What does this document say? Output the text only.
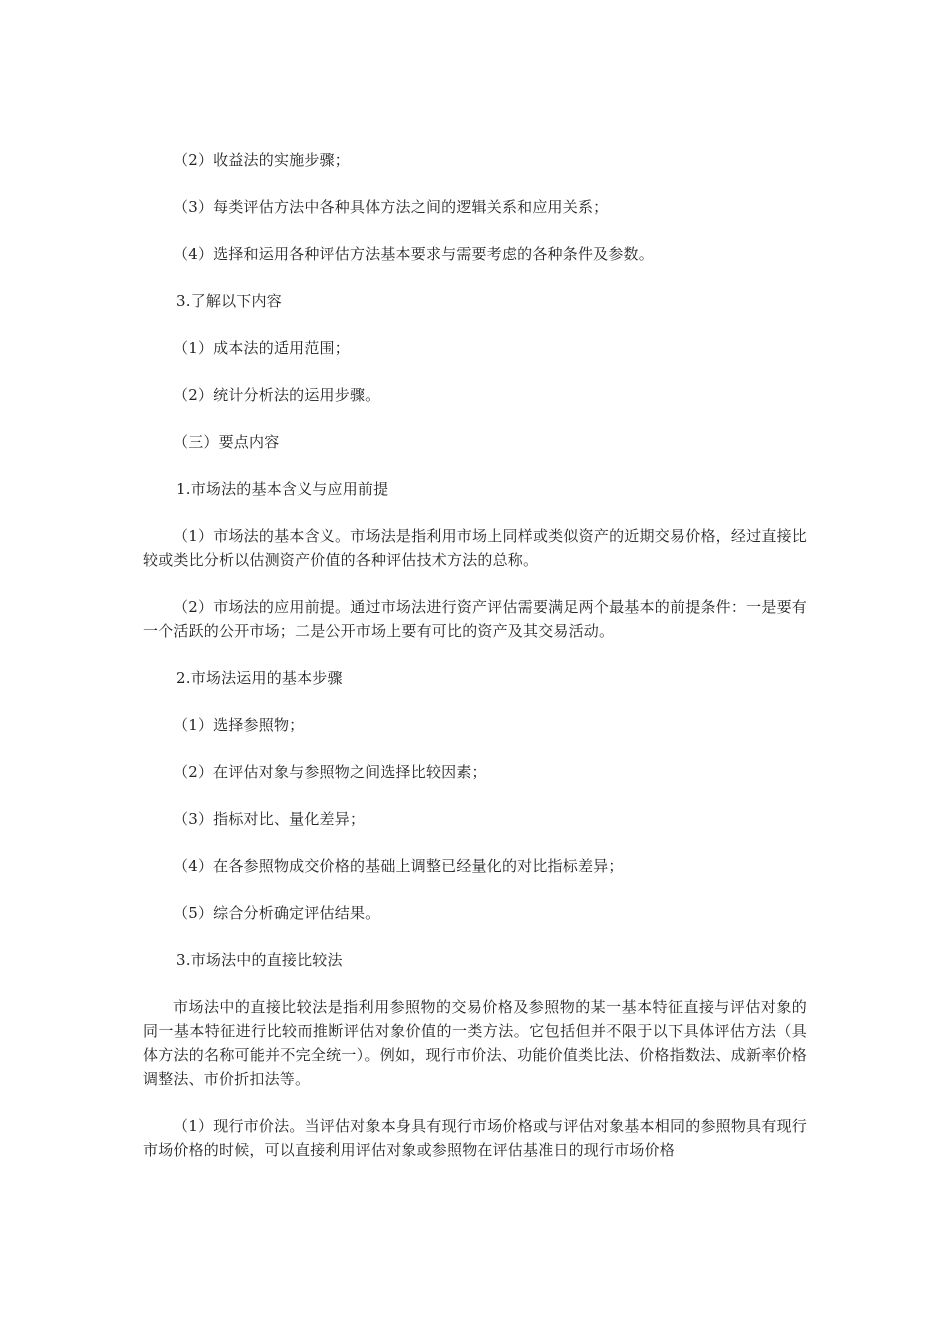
（2）收益法的实施步骤；

（3）每类评估方法中各种具体方法之间的逻辑关系和应用关系；

（4）选择和运用各种评估方法基本要求与需要考虑的各种条件及参数。

3.了解以下内容

（1）成本法的适用范围；

（2）统计分析法的运用步骤。

（三）要点内容

1.市场法的基本含义与应用前提

（1）市场法的基本含义。市场法是指利用市场上同样或类似资产的近期交易价格，经过直接比较或类比分析以估测资产价值的各种评估技术方法的总称。

（2）市场法的应用前提。通过市场法进行资产评估需要满足两个最基本的前提条件：一是要有一个活跃的公开市场；二是公开市场上要有可比的资产及其交易活动。

2.市场法运用的基本步骤

（1）选择参照物；

（2）在评估对象与参照物之间选择比较因素；

（3）指标对比、量化差异；

（4）在各参照物成交价格的基础上调整已经量化的对比指标差异；

（5）综合分析确定评估结果。

3.市场法中的直接比较法

市场法中的直接比较法是指利用参照物的交易价格及参照物的某一基本特征直接与评估对象的同一基本特征进行比较而推断评估对象价值的一类方法。它包括但并不限于以下具体评估方法（具体方法的名称可能并不完全统一）。例如，现行市价法、功能价值类比法、价格指数法、成新率价格调整法、市价折扣法等。

（1）现行市价法。当评估对象本身具有现行市场价格或与评估对象基本相同的参照物具有现行市场价格的时候，可以直接利用评估对象或参照物在评估基准日的现行市场价格
